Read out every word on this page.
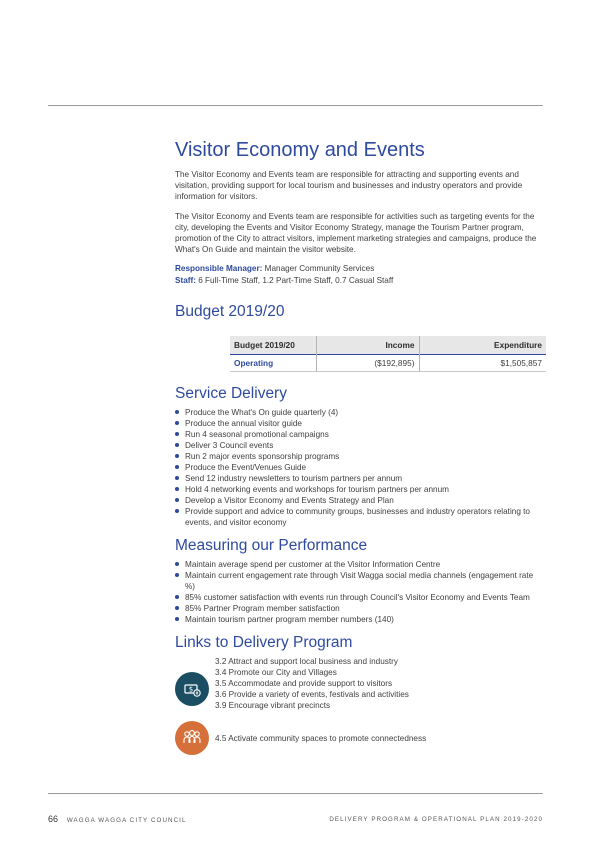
Visitor Economy and Events

The Visitor Economy and Events team are responsible for attracting and supporting events and visitation, providing support for local tourism and businesses and industry operators and provide information for visitors.

The Visitor Economy and Events team are responsible for activities such as targeting events for the city, developing the Events and Visitor Economy Strategy, manage the Tourism Partner program, promotion of the City to attract visitors, implement marketing strategies and campaigns, produce the What's On Guide and maintain the visitor website.

Responsible Manager: Manager Community Services
Staff: 6 Full-Time Staff, 1.2 Part-Time Staff, 0.7 Casual Staff
Budget 2019/20
Budget 2019/20	Income	Expenditure
Operating	($192,895)	$1,505,857
Service Delivery
Produce the What's On guide quarterly (4)
Produce the annual visitor guide
Run 4 seasonal promotional campaigns
Deliver 3 Council events
Run 2 major events sponsorship programs
Produce the Event/Venues Guide
Send 12 industry newsletters to tourism partners per annum
Hold 4 networking events and workshops for tourism partners per annum
Develop a Visitor Economy and Events Strategy and Plan
Provide support and advice to community groups, businesses and industry operators relating to events, and visitor economy
Measuring our Performance
Maintain average spend per customer at the Visitor Information Centre
Maintain current engagement rate through Visit Wagga social media channels (engagement rate %)
85% customer satisfaction with events run through Council's Visitor Economy and Events Team
85% Partner Program member satisfaction
Maintain tourism partner program member numbers (140)
Links to Delivery Program
$
3.2 Attract and support local business and industry
3.4 Promote our City and Villages
3.5 Accommodate and provide support to visitors
3.6 Provide a variety of events, festivals and activities
3.9 Encourage vibrant precincts
4.5 Activate community spaces to promote connectedness
66 WAGGA WAGGA CITY COUNCIL	DELIVERY PROGRAM & OPERATIONAL PLAN 2019-2020
